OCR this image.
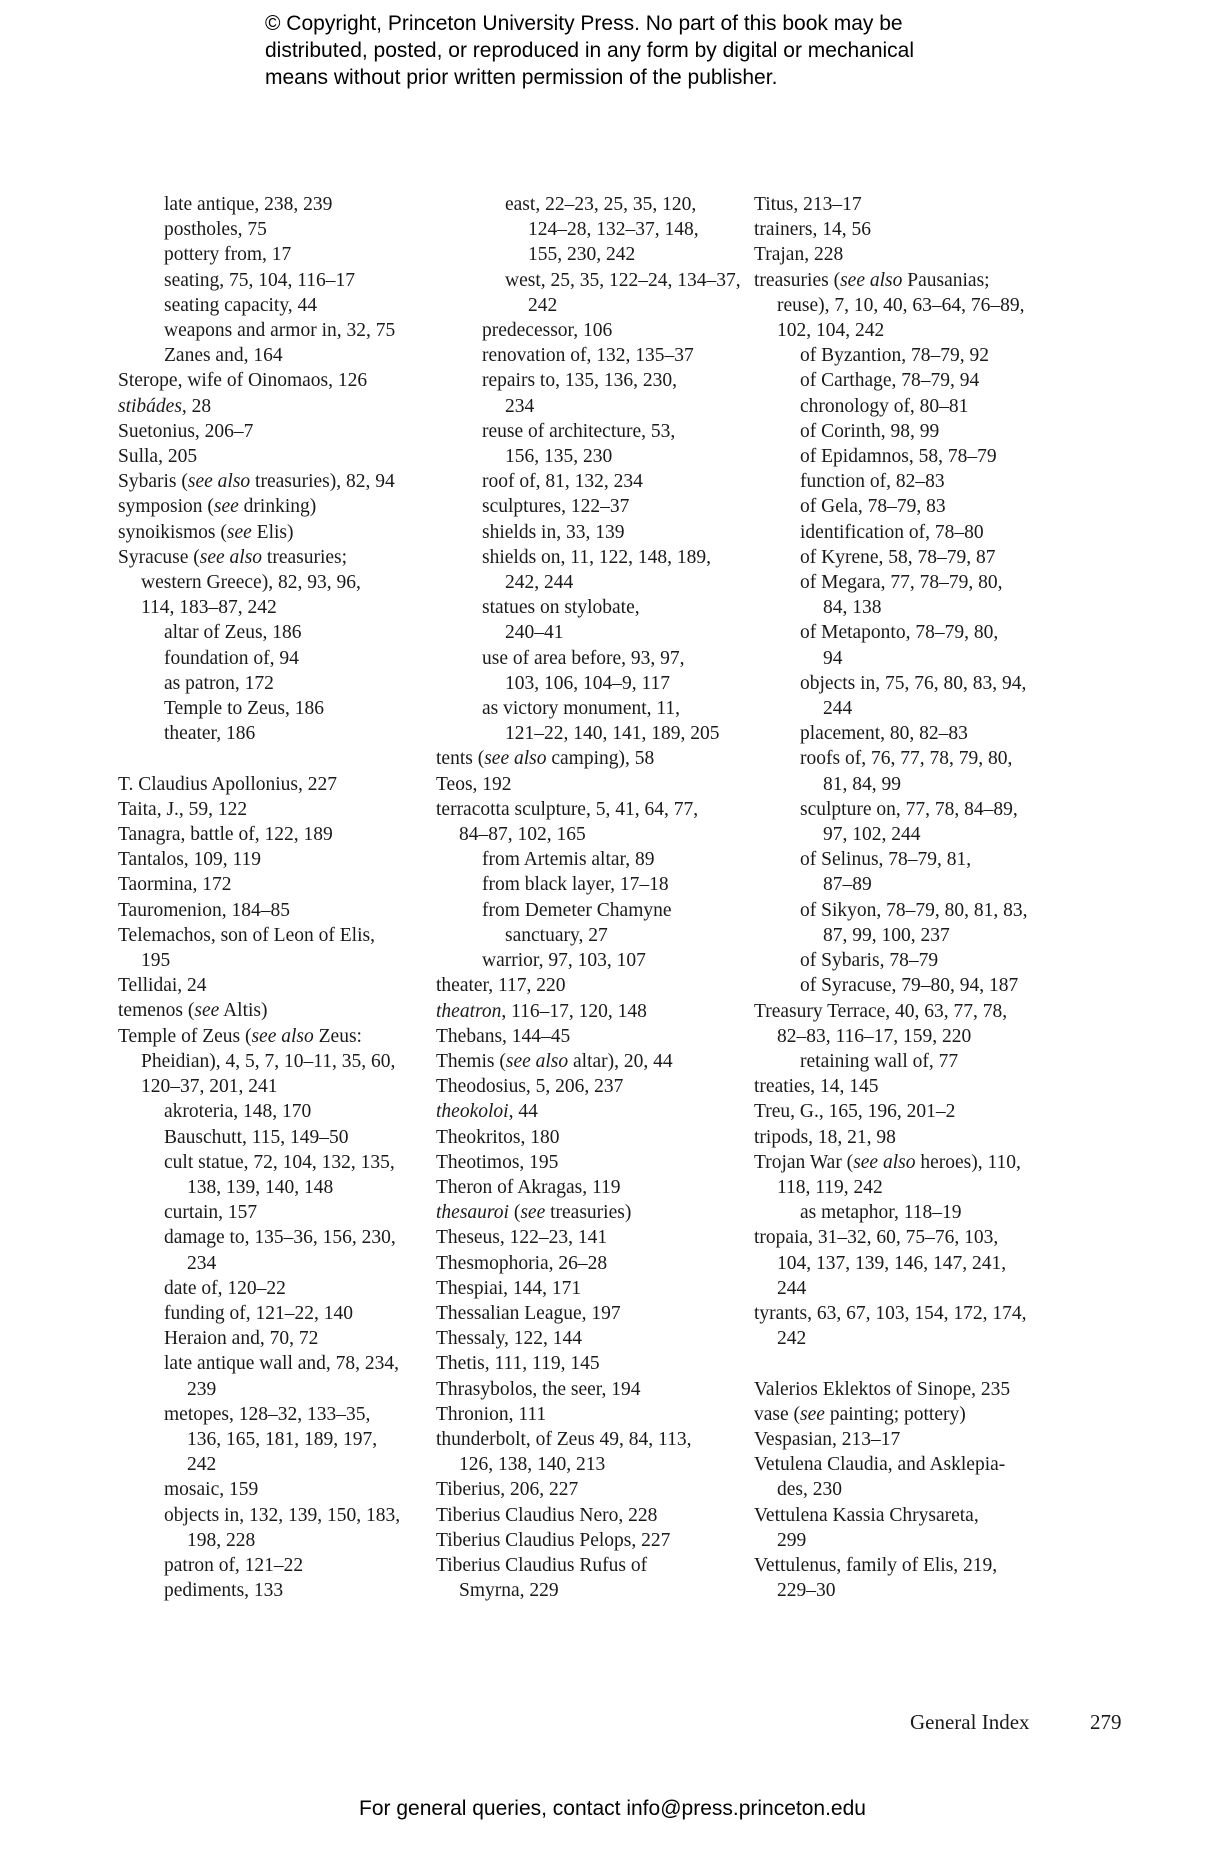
© Copyright, Princeton University Press. No part of this book may be
distributed, posted, or reproduced in any form by digital or mechanical
means without prior written permission of the publisher.
late antique, 238, 239
postholes, 75
pottery from, 17
seating, 75, 104, 116–17
seating capacity, 44
weapons and armor in, 32, 75
Zanes and, 164
Sterope, wife of Oinomaos, 126
stibádes, 28
Suetonius, 206–7
Sulla, 205
Sybaris (see also treasuries), 82, 94
symposion (see drinking)
synoikismos (see Elis)
Syracuse (see also treasuries;
western Greece), 82, 93, 96,
114, 183–87, 242
altar of Zeus, 186
foundation of, 94
as patron, 172
Temple to Zeus, 186
theater, 186
T. Claudius Apollonius, 227
Taita, J., 59, 122
Tanagra, battle of, 122, 189
Tantalos, 109, 119
Taormina, 172
Tauromenion, 184–85
Telemachos, son of Leon of Elis,
195
Tellidai, 24
temenos (see Altis)
Temple of Zeus (see also Zeus:
Pheidian), 4, 5, 7, 10–11, 35, 60,
120–37, 201, 241
akroteria, 148, 170
Bauschutt, 115, 149–50
cult statue, 72, 104, 132, 135,
138, 139, 140, 148
curtain, 157
damage to, 135–36, 156, 230,
234
date of, 120–22
funding of, 121–22, 140
Heraion and, 70, 72
late antique wall and, 78, 234,
239
metopes, 128–32, 133–35,
136, 165, 181, 189, 197,
242
mosaic, 159
objects in, 132, 139, 150, 183,
198, 228
patron of, 121–22
pediments, 133
east, 22–23, 25, 35, 120,
124–28, 132–37, 148,
155, 230, 242
west, 25, 35, 122–24, 134–37,
242
predecessor, 106
renovation of, 132, 135–37
repairs to, 135, 136, 230,
234
reuse of architecture, 53,
156, 135, 230
roof of, 81, 132, 234
sculptures, 122–37
shields in, 33, 139
shields on, 11, 122, 148, 189,
242, 244
statues on stylobate,
240–41
use of area before, 93, 97,
103, 106, 104–9, 117
as victory monument, 11,
121–22, 140, 141, 189, 205
tents (see also camping), 58
Teos, 192
terracotta sculpture, 5, 41, 64, 77,
84–87, 102, 165
from Artemis altar, 89
from black layer, 17–18
from Demeter Chamyne
sanctuary, 27
warrior, 97, 103, 107
theater, 117, 220
theatron, 116–17, 120, 148
Thebans, 144–45
Themis (see also altar), 20, 44
Theodosius, 5, 206, 237
theokoloi, 44
Theokritos, 180
Theotimos, 195
Theron of Akragas, 119
thesauroi (see treasuries)
Theseus, 122–23, 141
Thesmophoria, 26–28
Thespiai, 144, 171
Thessalian League, 197
Thessaly, 122, 144
Thetis, 111, 119, 145
Thrasybolos, the seer, 194
Thronion, 111
thunderbolt, of Zeus 49, 84, 113,
126, 138, 140, 213
Tiberius, 206, 227
Tiberius Claudius Nero, 228
Tiberius Claudius Pelops, 227
Tiberius Claudius Rufus of
Smyrna, 229
Titus, 213–17
trainers, 14, 56
Trajan, 228
treasuries (see also Pausanias;
reuse), 7, 10, 40, 63–64, 76–89,
102, 104, 242
of Byzantion, 78–79, 92
of Carthage, 78–79, 94
chronology of, 80–81
of Corinth, 98, 99
of Epidamnos, 58, 78–79
function of, 82–83
of Gela, 78–79, 83
identification of, 78–80
of Kyrene, 58, 78–79, 87
of Megara, 77, 78–79, 80,
84, 138
of Metaponto, 78–79, 80,
94
objects in, 75, 76, 80, 83, 94,
244
placement, 80, 82–83
roofs of, 76, 77, 78, 79, 80,
81, 84, 99
sculpture on, 77, 78, 84–89,
97, 102, 244
of Selinus, 78–79, 81,
87–89
of Sikyon, 78–79, 80, 81, 83,
87, 99, 100, 237
of Sybaris, 78–79
of Syracuse, 79–80, 94, 187
Treasury Terrace, 40, 63, 77, 78,
82–83, 116–17, 159, 220
retaining wall of, 77
treaties, 14, 145
Treu, G., 165, 196, 201–2
tripods, 18, 21, 98
Trojan War (see also heroes), 110,
118, 119, 242
as metaphor, 118–19
tropaia, 31–32, 60, 75–76, 103,
104, 137, 139, 146, 147, 241,
244
tyrants, 63, 67, 103, 154, 172, 174,
242
Valerios Eklektos of Sinope, 235
vase (see painting; pottery)
Vespasian, 213–17
Vetulena Claudia, and Asklepia-
des, 230
Vettulena Kassia Chrysareta,
299
Vettulenus, family of Elis, 219,
229–30
General Index	279
For general queries, contact info@press.princeton.edu
